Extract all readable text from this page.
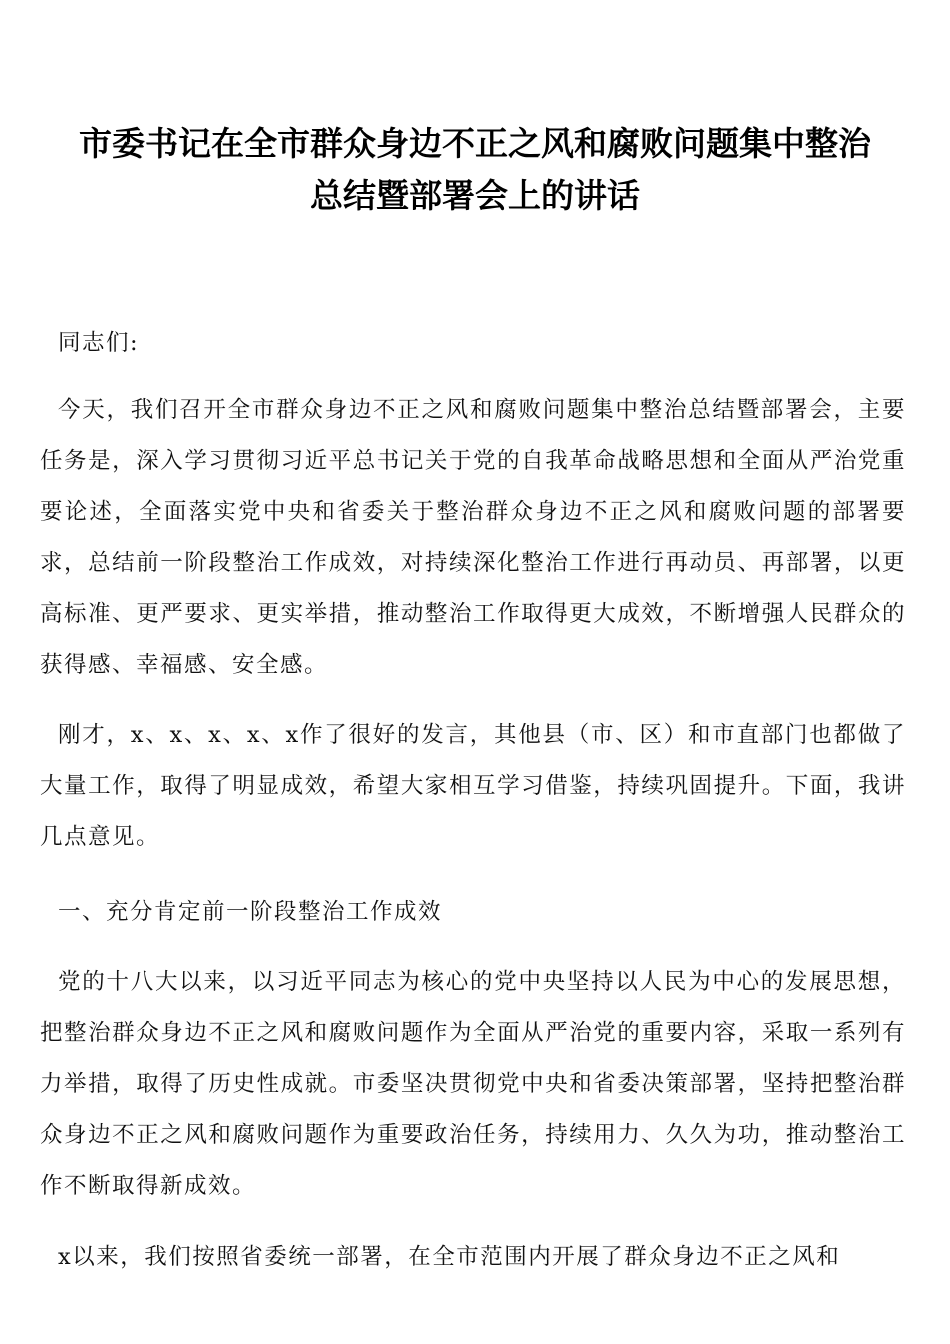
市委书记在全市群众身边不正之风和腐败问题集中整治
总结暨部署会上的讲话

同志们:

今天，我们召开全市群众身边不正之风和腐败问题集中整治总结暨部署会，主要任务是，深入学习贯彻习近平总书记关于党的自我革命战略思想和全面从严治党重要论述，全面落实党中央和省委关于整治群众身边不正之风和腐败问题的部署要求，总结前一阶段整治工作成效，对持续深化整治工作进行再动员、再部署，以更高标准、更严要求、更实举措，推动整治工作取得更大成效，不断增强人民群众的获得感、幸福感、安全感。

刚才，x、x、x、x、x作了很好的发言，其他县（市、区）和市直部门也都做了大量工作，取得了明显成效，希望大家相互学习借鉴，持续巩固提升。下面，我讲几点意见。

一、充分肯定前一阶段整治工作成效

党的十八大以来，以习近平同志为核心的党中央坚持以人民为中心的发展思想，把整治群众身边不正之风和腐败问题作为全面从严治党的重要内容，采取一系列有力举措，取得了历史性成就。市委坚决贯彻党中央和省委决策部署，坚持把整治群众身边不正之风和腐败问题作为重要政治任务，持续用力、久久为功，推动整治工作不断取得新成效。

x以来，我们按照省委统一部署，在全市范围内开展了群众身边不正之风和
